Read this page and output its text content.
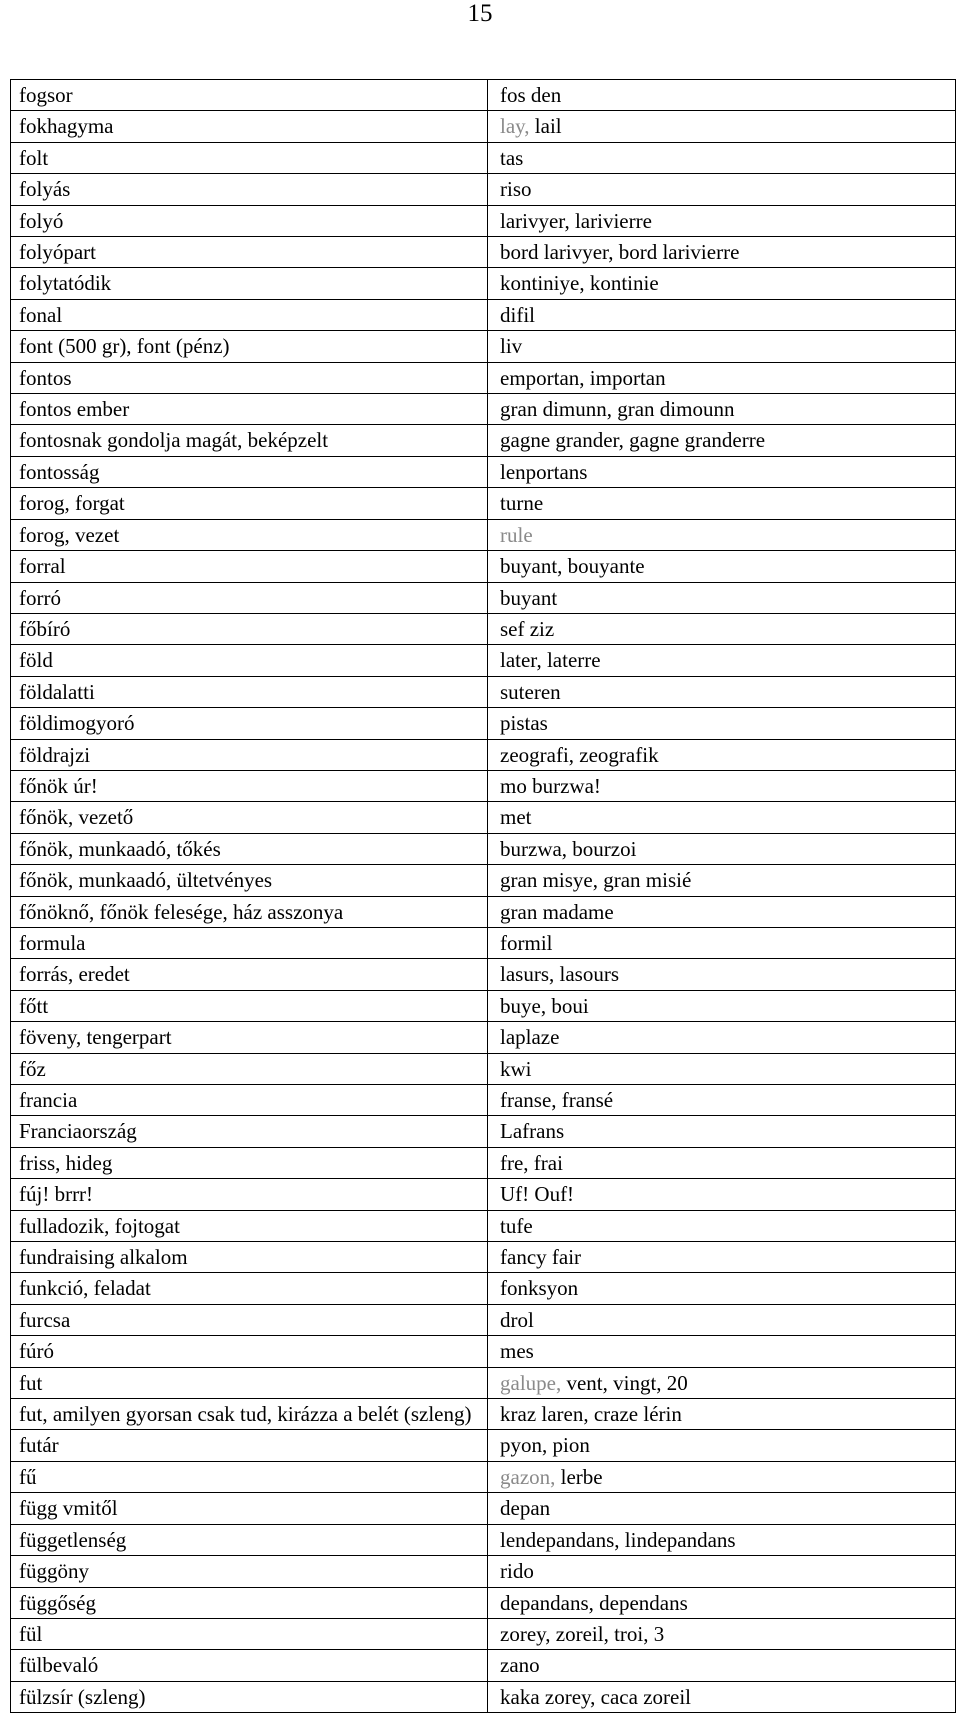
15
fogsor	fos den
fokhagyma	lay, lail
folt	tas
folyás	riso
folyó	larivyer, larivierre
folyópart	bord larivyer, bord larivierre
folytatódik	kontiniye, kontinie
fonal	difil
font (500 gr), font (pénz)	liv
fontos	emportan, importan
fontos ember	gran dimunn, gran dimounn
fontosnak gondolja magát, beképzelt	gagne grander, gagne granderre
fontosság	lenportans
forog, forgat	turne
forog, vezet	rule
forral	buyant, bouyante
forró	buyant
főbíró	sef ziz
föld	later, laterre
földalatti	suteren
földimogyoró	pistas
földrajzi	zeografi, zeografik
főnök úr!	mo burzwa!
főnök, vezető	met
főnök, munkaadó, tőkés	burzwa, bourzoi
főnök, munkaadó, ültetvényes	gran misye, gran misié
főnöknő, főnök felesége, ház asszonya	gran madame
formula	formil
forrás, eredet	lasurs, lasours
főtt	buye, boui
föveny, tengerpart	laplaze
főz	kwi
francia	franse, fransé
Franciaország	Lafrans
friss, hideg	fre, frai
fúj! brrr!	Uf! Ouf!
fulladozik, fojtogat	tufe
fundraising alkalom	fancy fair
funkció, feladat	fonksyon
furcsa	drol
fúró	mes
fut	galupe, vent, vingt, 20
fut, amilyen gyorsan csak tud, kirázza a belét (szleng)	kraz laren, craze lérin
futár	pyon, pion
fű	gazon, lerbe
függ vmitől	depan
függetlenség	lendepandans, lindepandans
függöny	rido
függőség	depandans, dependans
fül	zorey, zoreil, troi, 3
fülbevaló	zano
fülzsír (szleng)	kaka zorey, caca zoreil
